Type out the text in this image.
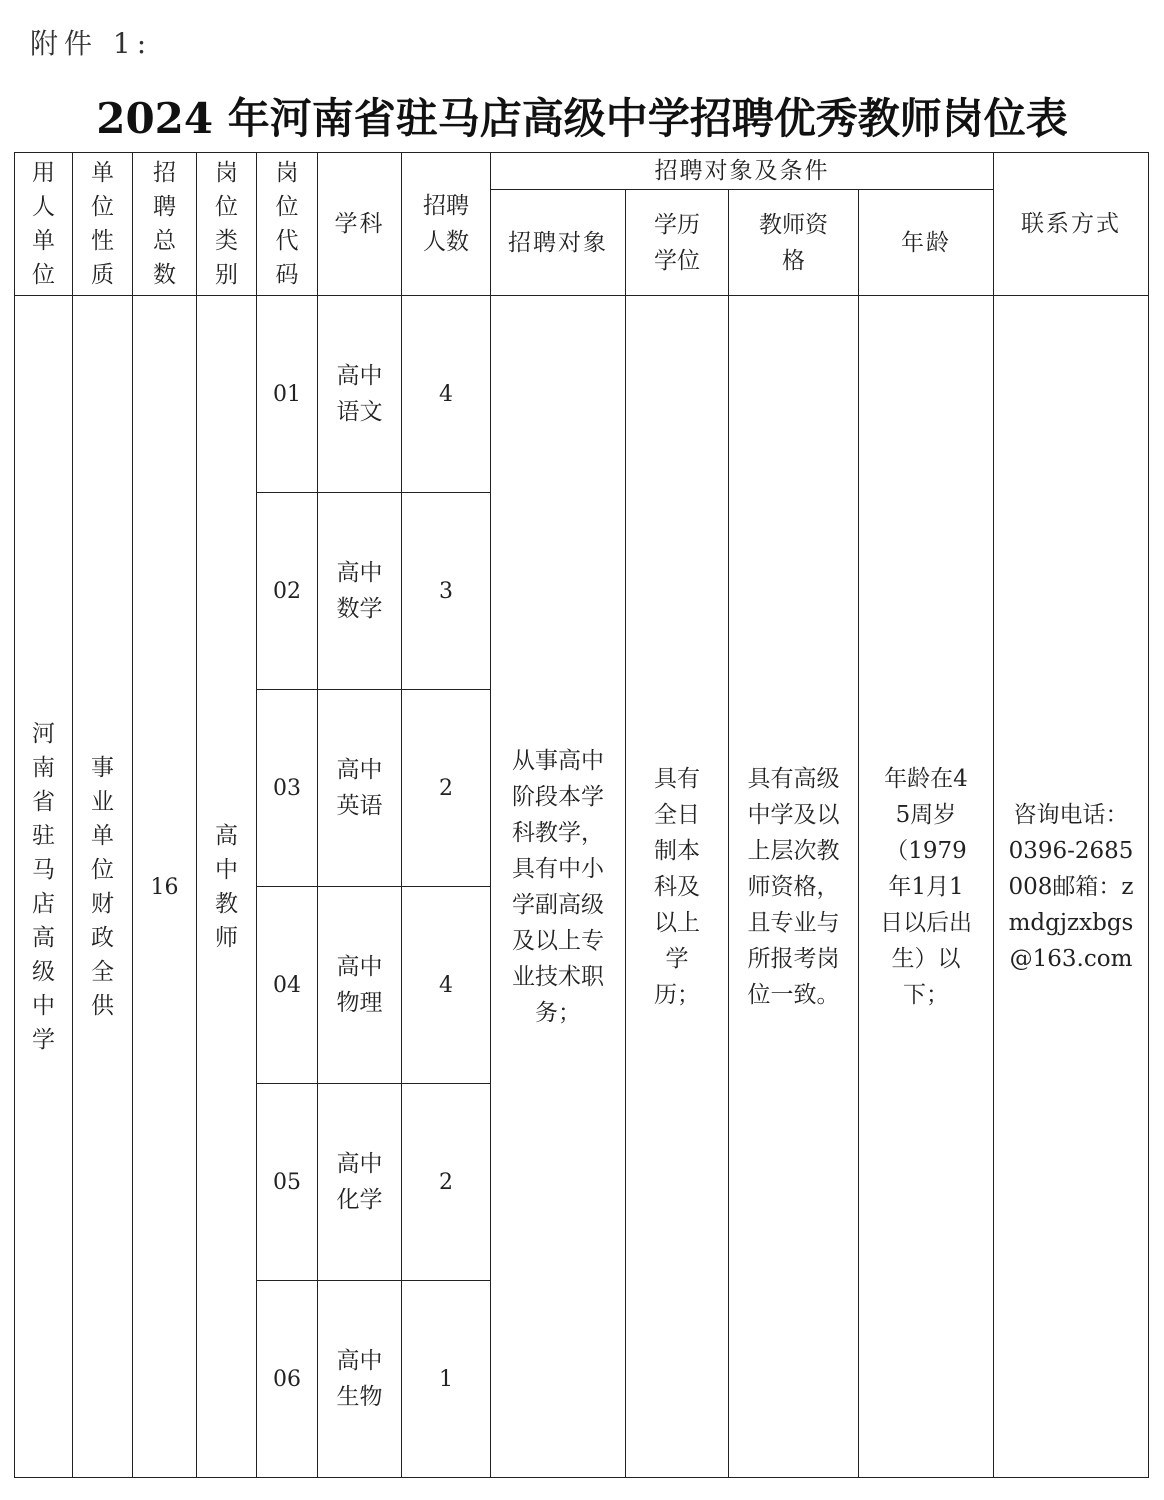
附件 1:
2024 年河南省驻马店高级中学招聘优秀教师岗位表
用人单位	单位性质	招聘总数	岗位类别	岗位代码	学科	招聘人数	招聘对象及条件				联系方式
							招聘对象	学历学位	教师资格	年龄	
河南省驻马店高级中学	事业单位财政全供	16	高中教师	01	高中语文	4	从事高中阶段本学科教学，具有中小学副高级及以上专业技术职务；	具有全日制本科及以上学历；	具有高级中学及以上层次教师资格，且专业与所报考岗位一致。	年龄在45周岁（1979年1月1日以后出生）以下；	咨询电话：0396-2685008邮箱：zmdgjzxbgs@163.com
				02	高中数学	3					
				03	高中英语	2					
				04	高中物理	4					
				05	高中化学	2					
				06	高中生物	1					
